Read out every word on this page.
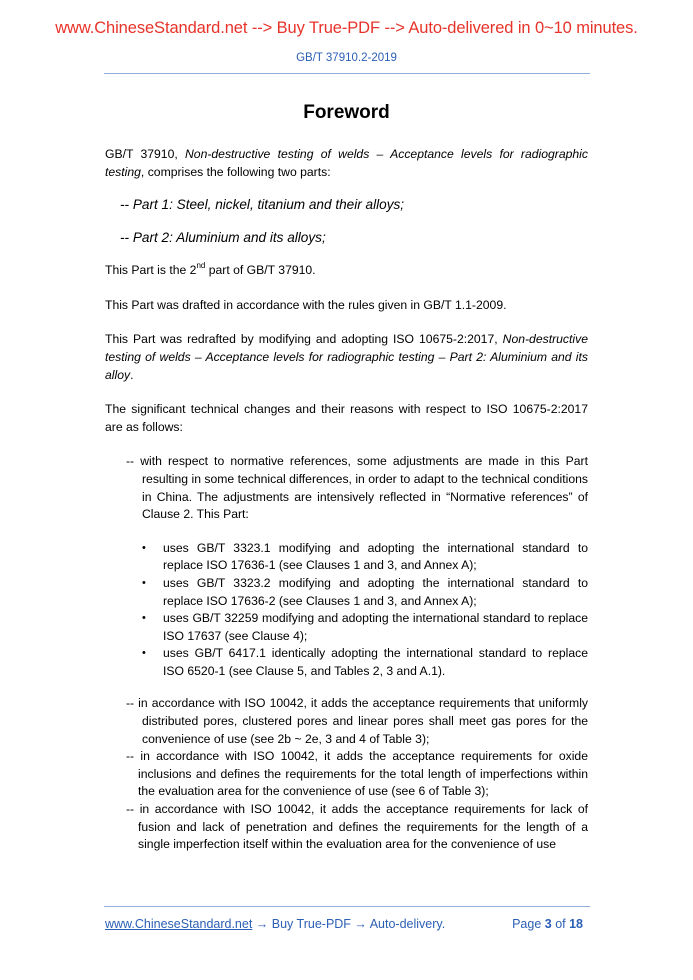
www.ChineseStandard.net --> Buy True-PDF --> Auto-delivered in 0~10 minutes.
GB/T 37910.2-2019
Foreword

GB/T 37910, Non-destructive testing of welds – Acceptance levels for radiographic testing, comprises the following two parts:

-- Part 1: Steel, nickel, titanium and their alloys;

-- Part 2: Aluminium and its alloys;

This Part is the 2nd part of GB/T 37910.

This Part was drafted in accordance with the rules given in GB/T 1.1-2009.

This Part was redrafted by modifying and adopting ISO 10675-2:2017, Non-destructive testing of welds – Acceptance levels for radiographic testing – Part 2: Aluminium and its alloy.

The significant technical changes and their reasons with respect to ISO 10675-2:2017 are as follows:

-- with respect to normative references, some adjustments are made in this Part resulting in some technical differences, in order to adapt to the technical conditions in China. The adjustments are intensively reflected in “Normative references” of Clause 2. This Part:

• uses GB/T 3323.1 modifying and adopting the international standard to replace ISO 17636-1 (see Clauses 1 and 3, and Annex A);
• uses GB/T 3323.2 modifying and adopting the international standard to replace ISO 17636-2 (see Clauses 1 and 3, and Annex A);
• uses GB/T 32259 modifying and adopting the international standard to replace ISO 17637 (see Clause 4);
• uses GB/T 6417.1 identically adopting the international standard to replace ISO 6520-1 (see Clause 5, and Tables 2, 3 and A.1).

-- in accordance with ISO 10042, it adds the acceptance requirements that uniformly distributed pores, clustered pores and linear pores shall meet gas pores for the convenience of use (see 2b ~ 2e, 3 and 4 of Table 3);

-- in accordance with ISO 10042, it adds the acceptance requirements for oxide inclusions and defines the requirements for the total length of imperfections within the evaluation area for the convenience of use (see 6 of Table 3);

-- in accordance with ISO 10042, it adds the acceptance requirements for lack of fusion and lack of penetration and defines the requirements for the length of a single imperfection itself within the evaluation area for the convenience of use

www.ChineseStandard.net → Buy True-PDF → Auto-delivery.	Page 3 of 18
